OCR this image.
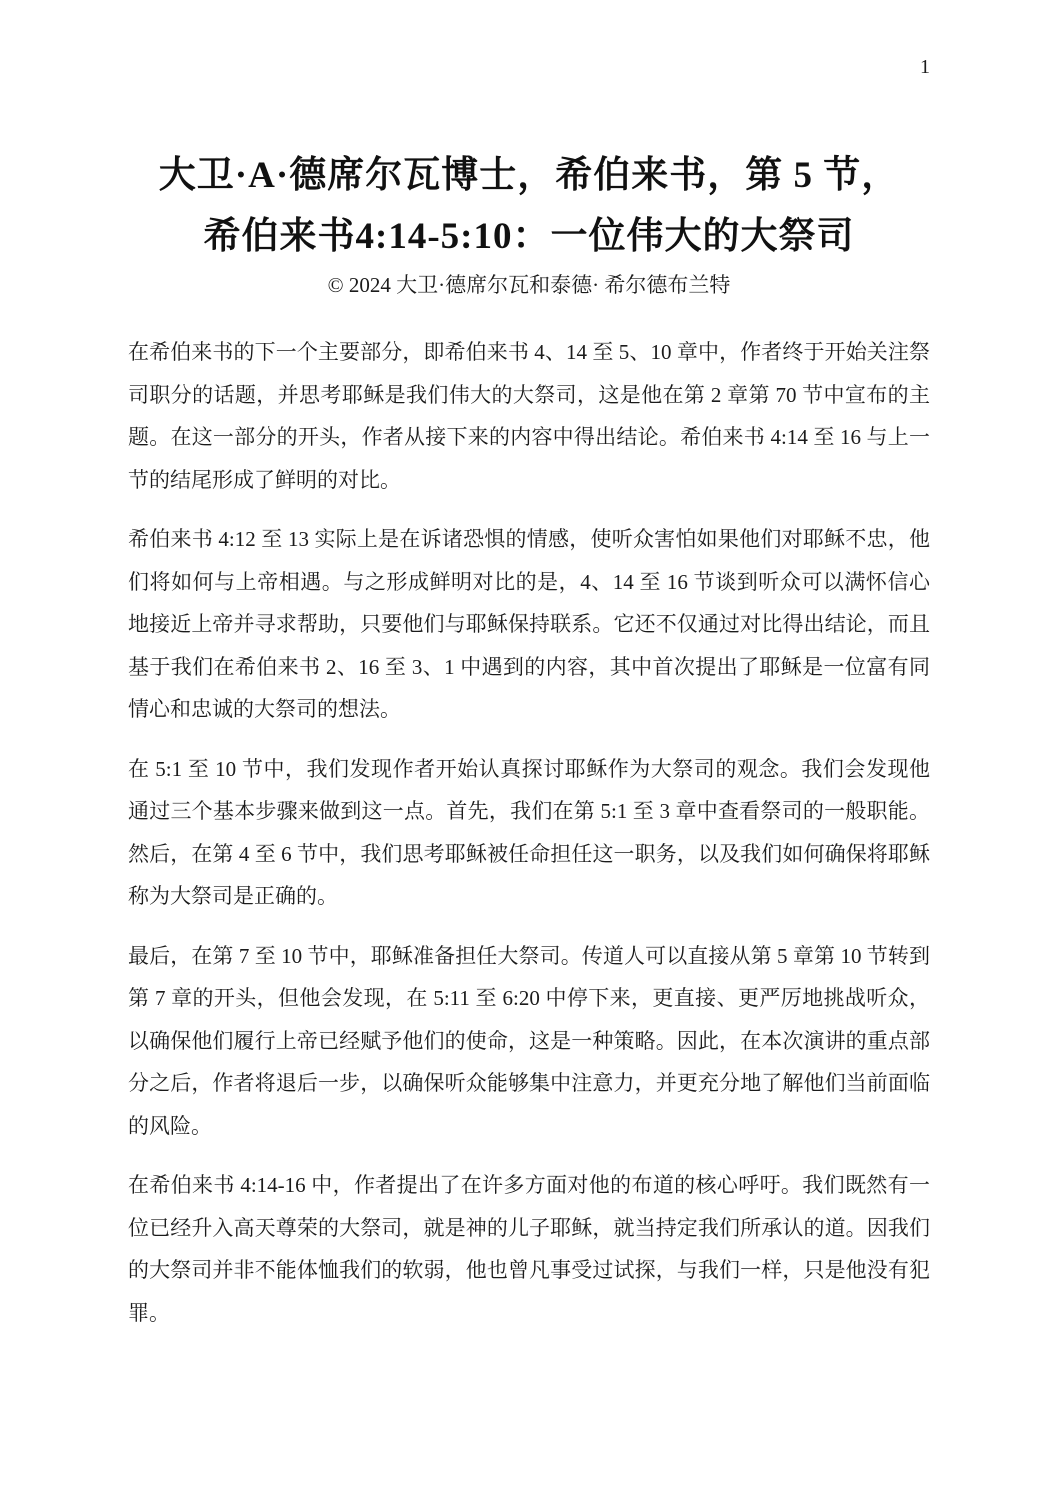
1
大卫·A·德席尔瓦博士，希伯来书，第 5 节，
希伯来书4:14-5:10：一位伟大的大祭司
© 2024 大卫·德席尔瓦和泰德· 希尔德布兰特

在希伯来书的下一个主要部分，即希伯来书 4、14 至 5、10 章中，作者终于开始关注祭司职分的话题，并思考耶稣是我们伟大的大祭司，这是他在第 2 章第 70 节中宣布的主题。在这一部分的开头，作者从接下来的内容中得出结论。希伯来书 4:14 至 16 与上一节的结尾形成了鲜明的对比。

希伯来书 4:12 至 13 实际上是在诉诸恐惧的情感，使听众害怕如果他们对耶稣不忠，他们将如何与上帝相遇。与之形成鲜明对比的是，4、14 至 16 节谈到听众可以满怀信心地接近上帝并寻求帮助，只要他们与耶稣保持联系。它还不仅通过对比得出结论，而且基于我们在希伯来书 2、16 至 3、1 中遇到的内容，其中首次提出了耶稣是一位富有同情心和忠诚的大祭司的想法。

在 5:1 至 10 节中，我们发现作者开始认真探讨耶稣作为大祭司的观念。我们会发现他通过三个基本步骤来做到这一点。首先，我们在第 5:1 至 3 章中查看祭司的一般职能。然后，在第 4 至 6 节中，我们思考耶稣被任命担任这一职务，以及我们如何确保将耶稣称为大祭司是正确的。

最后，在第 7 至 10 节中，耶稣准备担任大祭司。传道人可以直接从第 5 章第 10 节转到第 7 章的开头，但他会发现，在 5:11 至 6:20 中停下来，更直接、更严厉地挑战听众，以确保他们履行上帝已经赋予他们的使命，这是一种策略。因此，在本次演讲的重点部分之后，作者将退后一步，以确保听众能够集中注意力，并更充分地了解他们当前面临的风险。

在希伯来书 4:14-16 中，作者提出了在许多方面对他的布道的核心呼吁。我们既然有一位已经升入高天尊荣的大祭司，就是神的儿子耶稣，就当持定我们所承认的道。因我们的大祭司并非不能体恤我们的软弱，他也曾凡事受过试探，与我们一样，只是他没有犯罪。
